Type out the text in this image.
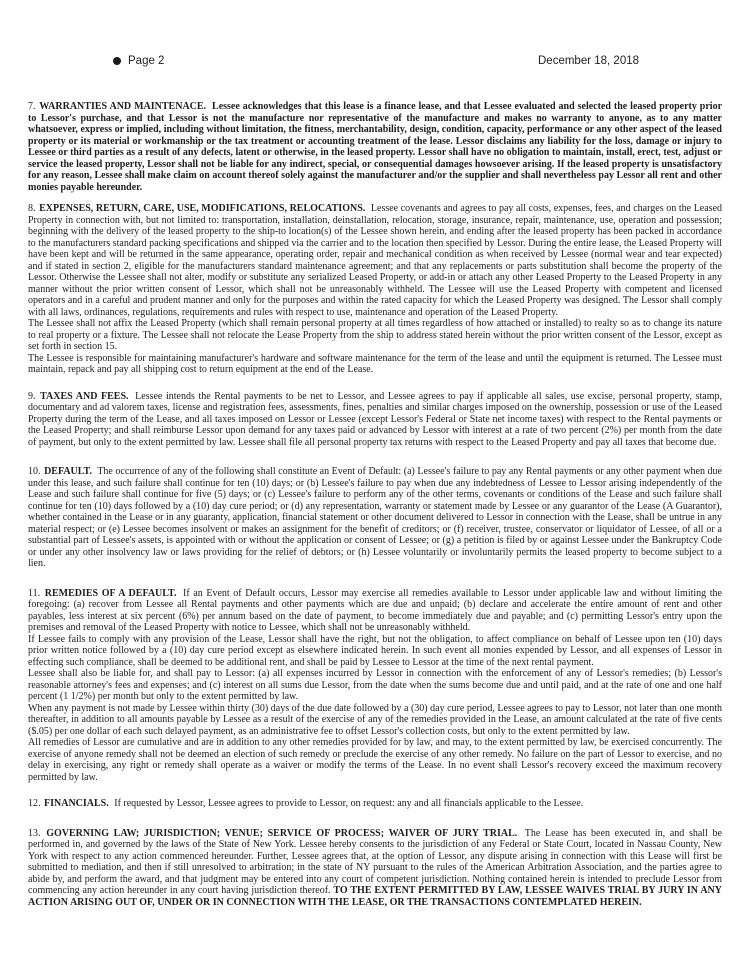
Page 2	December 18, 2018

7. WARRANTIES AND MAINTENACE. Lessee acknowledges that this lease is a finance lease, and that Lessee evaluated and selected the leased property prior to Lessor's purchase, and that Lessor is not the manufacture nor representative of the manufacture and makes no warranty to anyone, as to any matter whatsoever, express or implied, including without limitation, the fitness, merchantability, design, condition, capacity, performance or any other aspect of the leased property or its material or workmanship or the tax treatment or accounting treatment of the lease. Lessor disclaims any liability for the loss, damage or injury to Lessee or third parties as a result of any defects, latent or otherwise, in the leased property. Lessor shall have no obligation to maintain, install, erect, test, adjust or service the leased property, Lessor shall not be liable for any indirect, special, or consequential damages howsoever arising. If the leased property is unsatisfactory for any reason, Lessee shall make claim on account thereof solely against the manufacturer and/or the supplier and shall nevertheless pay Lessor all rent and other monies payable hereunder.

8. EXPENSES, RETURN, CARE, USE, MODIFICATIONS, RELOCATIONS. Lessee covenants and agrees to pay all costs, expenses, fees, and charges on the Leased Property in connection with, but not limited to: transportation, installation, deinstallation, relocation, storage, insurance, repair, maintenance, use, operation and possession; beginning with the delivery of the leased property to the ship-to location(s) of the Lessee shown herein, and ending after the leased property has been packed in accordance to the manufacturers standard packing specifications and shipped via the carrier and to the location then specified by Lessor. During the entire lease, the Leased Property will have been kept and will be returned in the same appearance, operating order, repair and mechanical condition as when received by Lessee (normal wear and tear expected) and if stated in section 2, eligible for the manufacturers standard maintenance agreement; and that any replacements or parts substitution shall become the property of the Lessor. Otherwise the Lessee shall not alter, modify or substitute any serialized Leased Property, or add-in or attach any other Leased Property to the Leased Property in any manner without the prior written consent of Lessor, which shall not be unreasonably withheld. The Lessee will use the Leased Property with competent and licensed operators and in a careful and prudent manner and only for the purposes and within the rated capacity for which the Leased Property was designed. The Lessor shall comply with all laws, ordinances, regulations, requirements and rules with respect to use, maintenance and operation of the Leased Property.

The Lessee shall not affix the Leased Property (which shall remain personal property at all times regardless of how attached or installed) to realty so as to change its nature to real property or a fixture. The Lessee shall not relocate the Lease Property from the ship to address stated herein without the prior written consent of the Lessor, except as set forth in section 15.

The Lessee is responsible for maintaining manufacturer's hardware and software maintenance for the term of the lease and until the equipment is returned. The Lessee must maintain, repack and pay all shipping cost to return equipment at the end of the Lease.

9. TAXES AND FEES. Lessee intends the Rental payments to be net to Lessor, and Lessee agrees to pay if applicable all sales, use excise, personal property, stamp, documentary and ad valorem taxes, license and registration fees, assessments, fines, penalties and similar charges imposed on the ownership, possession or use of the Leased Property during the term of the Lease, and all taxes imposed on Lessor or Lessee (except Lessor's Federal or State net income taxes) with respect to the Rental payments or the Leased Property; and shall reimburse Lessor upon demand for any taxes paid or advanced by Lessor with interest at a rate of two percent (2%) per month from the date of payment, but only to the extent permitted by law. Lessee shall file all personal property tax returns with respect to the Leased Property and pay all taxes that become due.

10. DEFAULT. The occurrence of any of the following shall constitute an Event of Default: (a) Lessee's failure to pay any Rental payments or any other payment when due under this lease, and such failure shall continue for ten (10) days; or (b) Lessee's failure to pay when due any indebtedness of Lessee to Lessor arising independently of the Lease and such failure shall continue for five (5) days; or (c) Lessee's failure to perform any of the other terms, covenants or conditions of the Lease and such failure shall continue for ten (10) days followed by a (10) day cure period; or (d) any representation, warranty or statement made by Lessee or any guarantor of the Lease (A Guarantor), whether contained in the Lease or in any guaranty, application, financial statement or other document delivered to Lessor in connection with the Lease, shall be untrue in any material respect; or (e) Lessee becomes insolvent or makes an assignment for the benefit of creditors; or (f) receiver, trustee, conservator or liquidator of Lessee, of all or a substantial part of Lessee's assets, is appointed with or without the application or consent of Lessee; or (g) a petition is filed by or against Lessee under the Bankruptcy Code or under any other insolvency law or laws providing for the relief of debtors; or (h) Lessee voluntarily or involuntarily permits the leased property to become subject to a lien.

11. REMEDIES OF A DEFAULT. If an Event of Default occurs, Lessor may exercise all remedies available to Lessor under applicable law and without limiting the foregoing: (a) recover from Lessee all Rental payments and other payments which are due and unpaid; (b) declare and accelerate the entire amount of rent and other payables, less interest at six percent (6%) per annum based on the date of payment, to become immediately due and payable; and (c) permitting Lessor's entry upon the premises and removal of the Leased Property with notice to Lessee, which shall not be unreasonably withheld.

If Lessee fails to comply with any provision of the Lease, Lessor shall have the right, but not the obligation, to affect compliance on behalf of Lessee upon ten (10) days prior written notice followed by a (10) day cure period except as elsewhere indicated herein. In such event all monies expended by Lessor, and all expenses of Lessor in effecting such compliance, shall be deemed to be additional rent, and shall be paid by Lessee to Lessor at the time of the next rental payment.

Lessee shall also be liable for, and shall pay to Lessor: (a) all expenses incurred by Lessor in connection with the enforcement of any of Lessor's remedies; (b) Lessor's reasonable attorney's fees and expenses; and (c) interest on all sums due Lessor, from the date when the sums become due and until paid, and at the rate of one and one half percent (1 1/2%) per month but only to the extent permitted by law.

When any payment is not made by Lessee within thirty (30) days of the due date followed by a (30) day cure period, Lessee agrees to pay to Lessor, not later than one month thereafter, in addition to all amounts payable by Lessee as a result of the exercise of any of the remedies provided in the Lease, an amount calculated at the rate of five cents ($.05) per one dollar of each such delayed payment, as an administrative fee to offset Lessor's collection costs, but only to the extent permitted by law.

All remedies of Lessor are cumulative and are in addition to any other remedies provided for by law, and may, to the extent permitted by law, be exercised concurrently. The exercise of anyone remedy shall not be deemed an election of such remedy or preclude the exercise of any other remedy. No failure on the part of Lessor to exercise, and no delay in exercising, any right or remedy shall operate as a waiver or modify the terms of the Lease. In no event shall Lessor's recovery exceed the maximum recovery permitted by law.

12. FINANCIALS. If requested by Lessor, Lessee agrees to provide to Lessor, on request: any and all financials applicable to the Lessee.

13. GOVERNING LAW; JURISDICTION; VENUE; SERVICE OF PROCESS; WAIVER OF JURY TRIAL. The Lease has been executed in, and shall be performed in, and governed by the laws of the State of New York. Lessee hereby consents to the jurisdiction of any Federal or State Court, located in Nassau County, New York with respect to any action commenced hereunder. Further, Lessee agrees that, at the option of Lessor, any dispute arising in connection with this Lease will first be submitted to mediation, and then if still unresolved to arbitration; in the state of NY pursuant to the rules of the American Arbitration Association, and the parties agree to abide by, and perform the award, and that judgment may be entered into any court of competent jurisdiction. Nothing contained herein is intended to preclude Lessor from commencing any action hereunder in any court having jurisdiction thereof. TO THE EXTENT PERMITTED BY LAW, LESSEE WAIVES TRIAL BY JURY IN ANY ACTION ARISING OUT OF, UNDER OR IN CONNECTION WITH THE LEASE, OR THE TRANSACTIONS CONTEMPLATED HEREIN.
